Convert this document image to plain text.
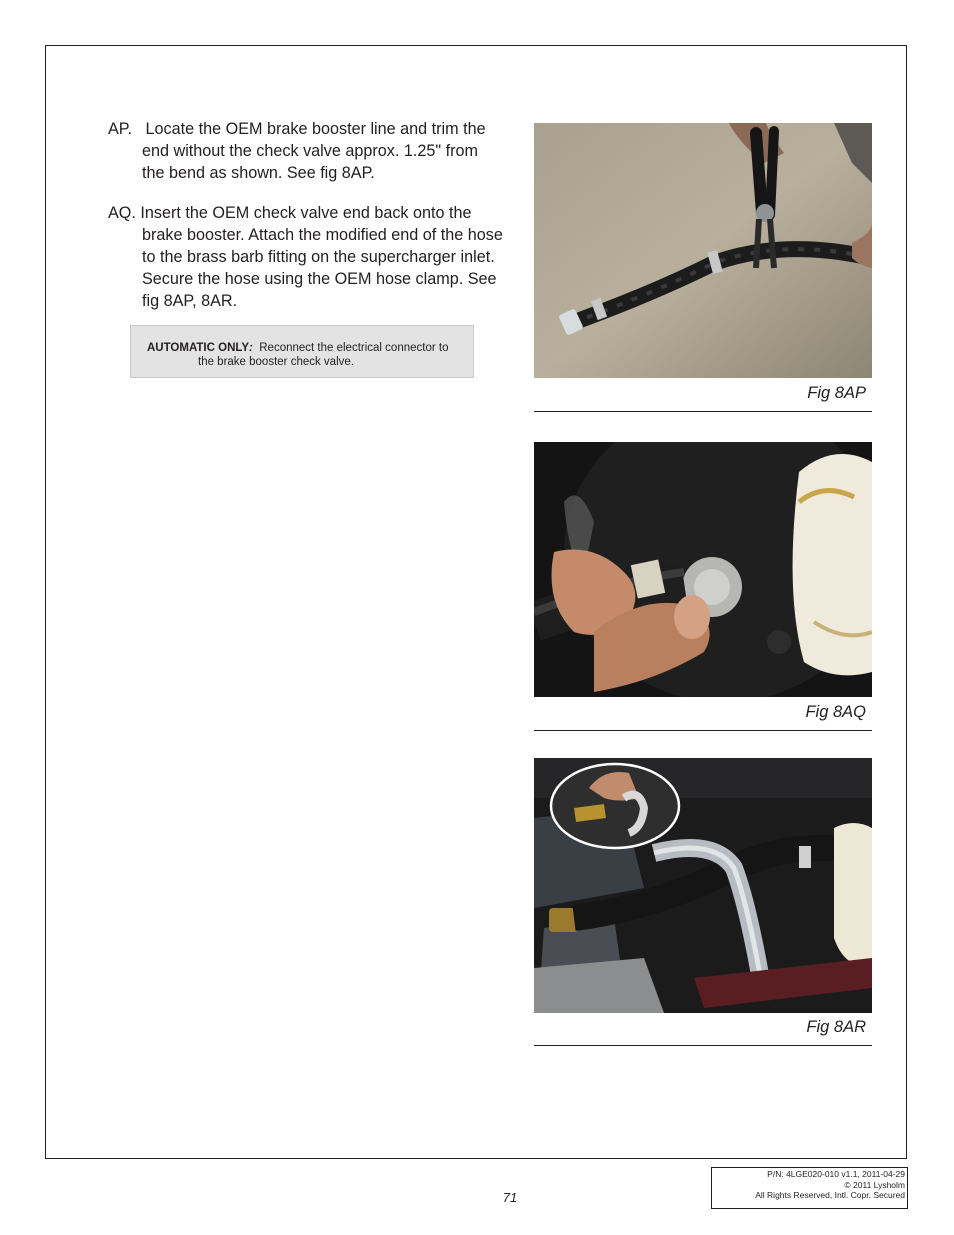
AP. Locate the OEM brake booster line and trim the end without the check valve approx. 1.25" from the bend as shown. See fig 8AP.

AQ. Insert the OEM check valve end back onto the brake booster. Attach the modified end of the hose to the brass barb fitting on the supercharger inlet. Secure the hose using the OEM hose clamp. See fig 8AP, 8AR.

AUTOMATIC ONLY: Reconnect the electrical connector to
the brake booster check valve.
Fig 8AP
Fig 8AQ
Fig 8AR
71
P/N: 4LGE020-010 v1.1, 2011-04-29
© 2011 Lysholm
All Rights Reserved, Intl. Copr. Secured
